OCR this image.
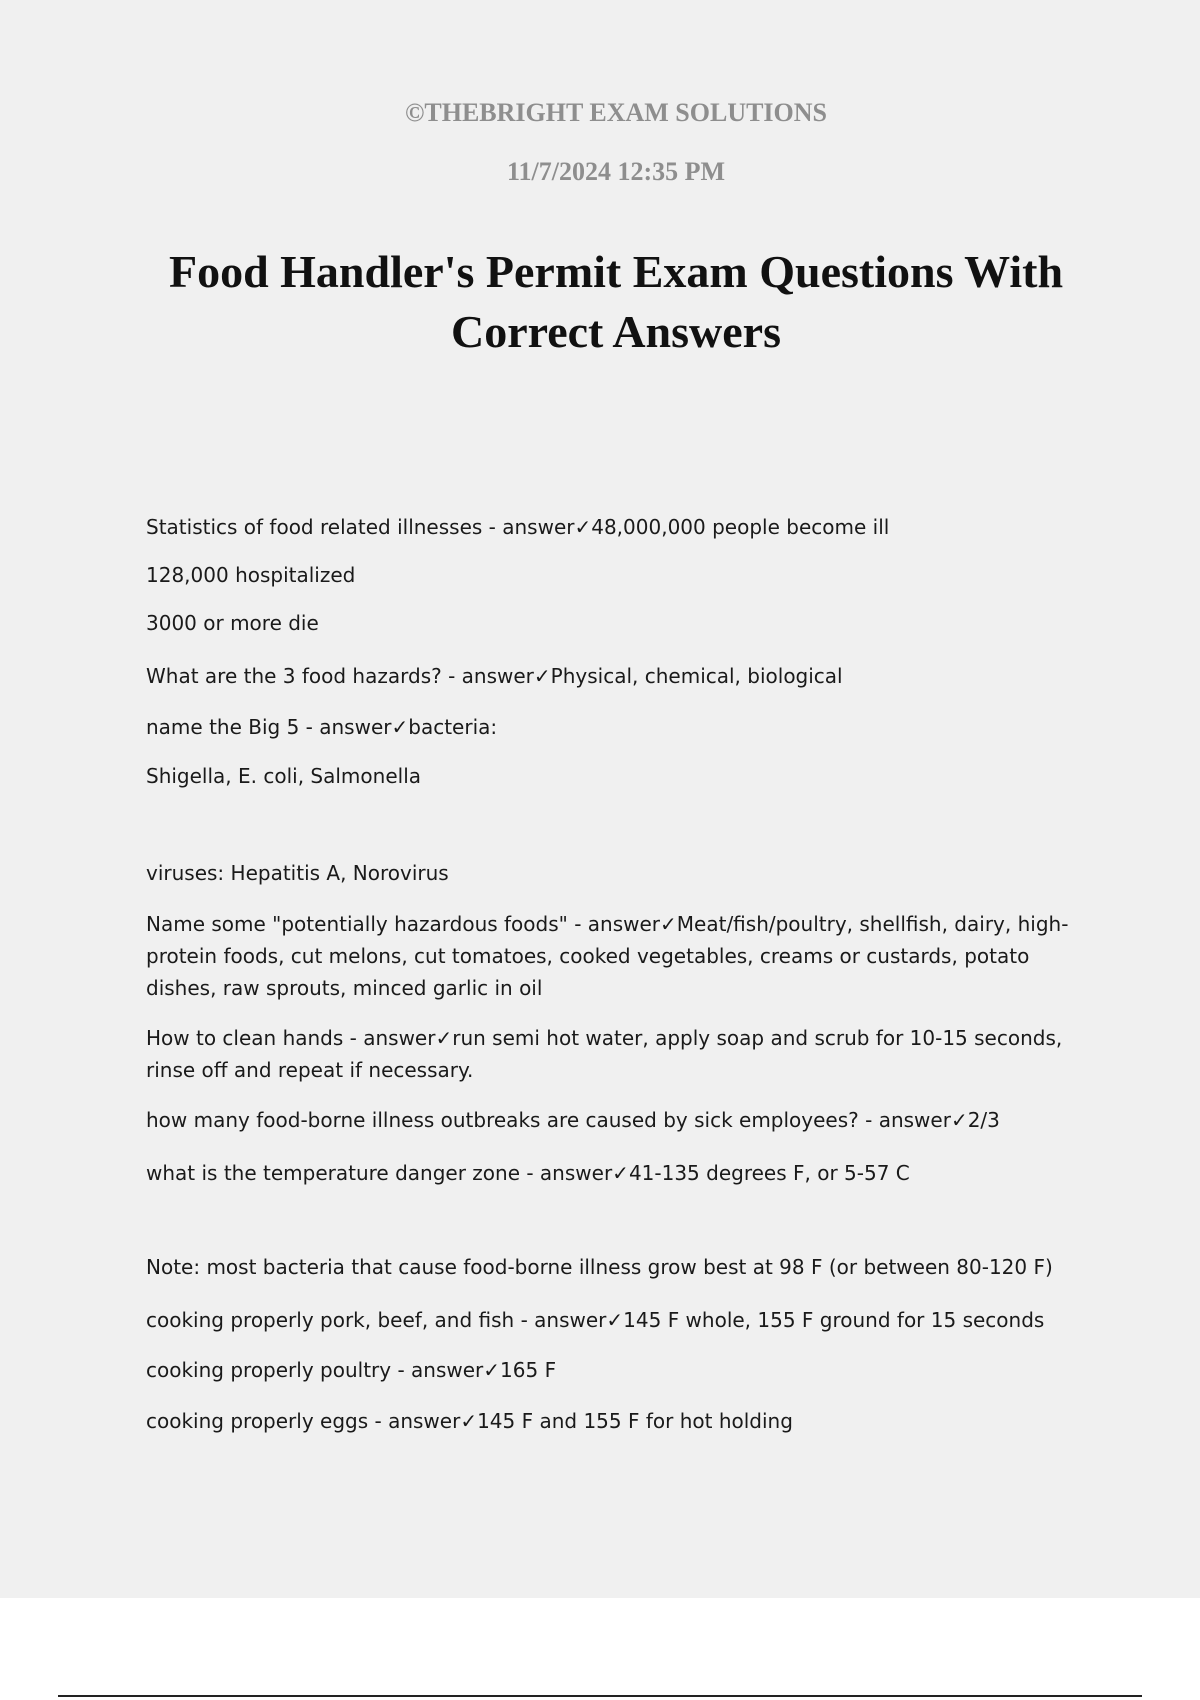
©THEBRIGHT EXAM SOLUTIONS
11/7/2024 12:35 PM
Food Handler's Permit Exam Questions With Correct Answers

Statistics of food related illnesses - answer✓48,000,000 people become ill

128,000 hospitalized

3000 or more die

What are the 3 food hazards? - answer✓Physical, chemical, biological

name the Big 5 - answer✓bacteria:

Shigella, E. coli, Salmonella

viruses: Hepatitis A, Norovirus

Name some "potentially hazardous foods" - answer✓Meat/fish/poultry, shellfish, dairy, high-protein foods, cut melons, cut tomatoes, cooked vegetables, creams or custards, potato dishes, raw sprouts, minced garlic in oil

How to clean hands - answer✓run semi hot water, apply soap and scrub for 10-15 seconds, rinse off and repeat if necessary.

how many food-borne illness outbreaks are caused by sick employees? - answer✓2/3

what is the temperature danger zone - answer✓41-135 degrees F, or 5-57 C

Note: most bacteria that cause food-borne illness grow best at 98 F (or between 80-120 F)

cooking properly pork, beef, and fish - answer✓145 F whole, 155 F ground for 15 seconds

cooking properly poultry - answer✓165 F

cooking properly eggs - answer✓145 F and 155 F for hot holding
